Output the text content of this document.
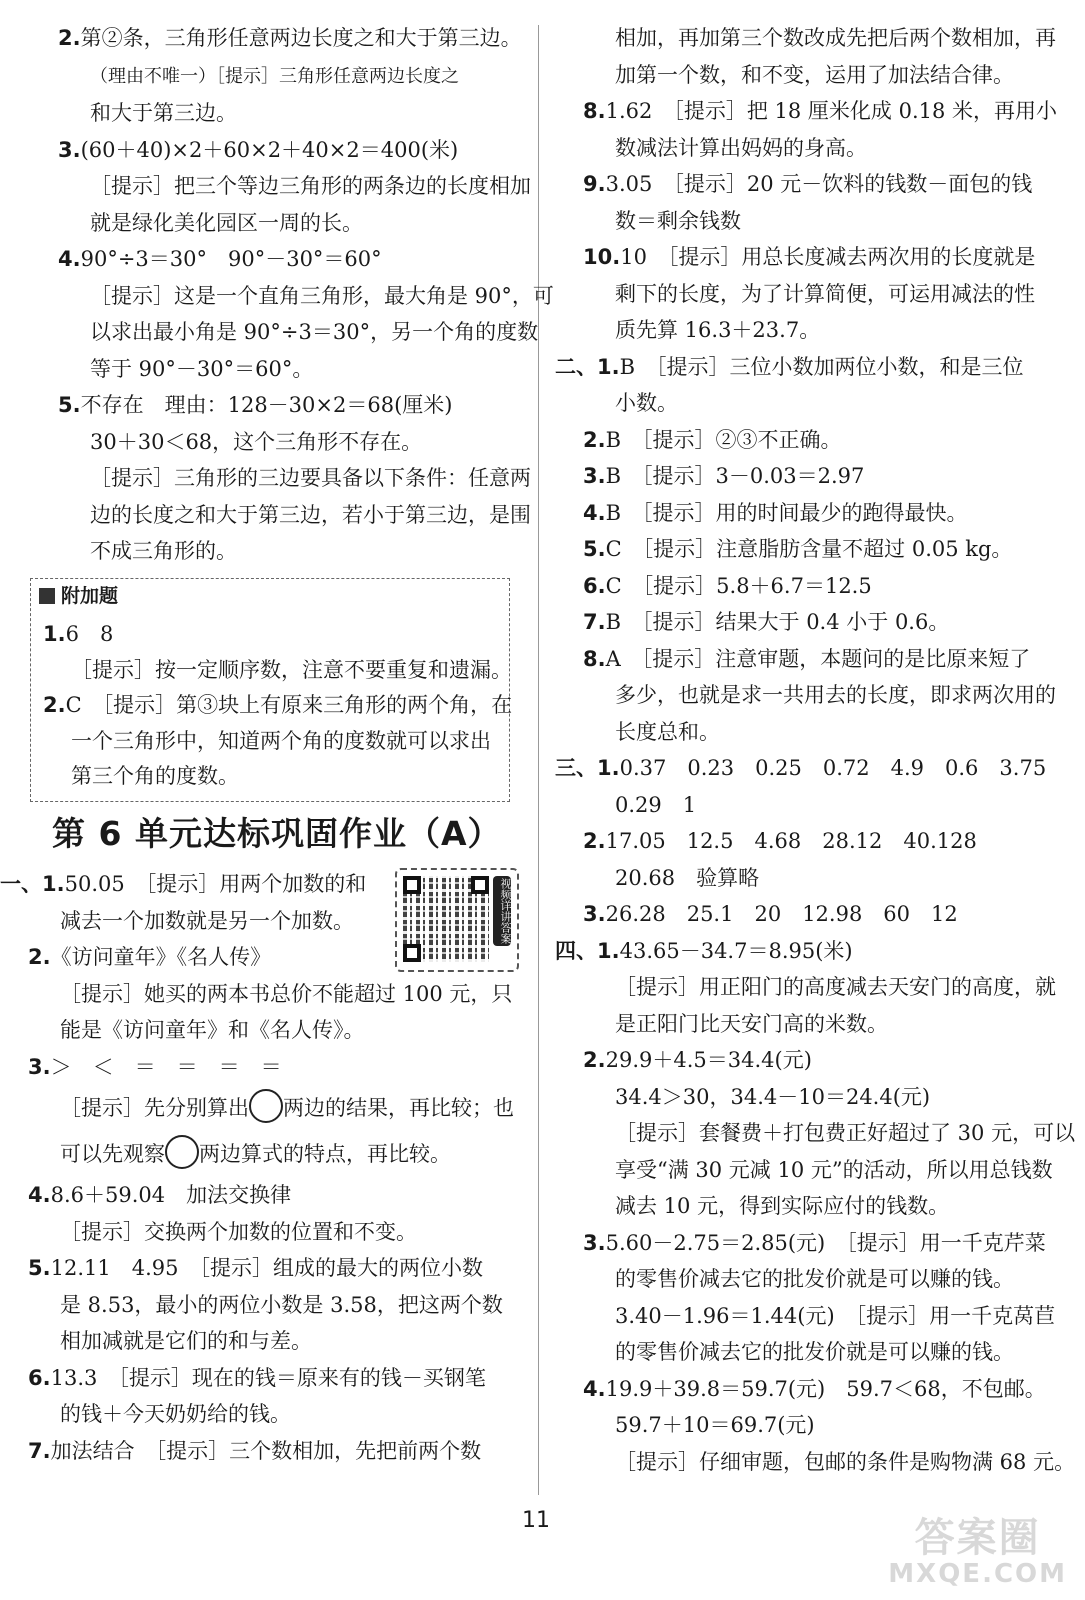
2.第②条，三角形任意两边长度之和大于第三边。
（理由不唯一）［提示］三角形任意两边长度之
和大于第三边。
3.(60＋40)×2＋60×2＋40×2＝400(米)
［提示］把三个等边三角形的两条边的长度相加
就是绿化美化园区一周的长。
4.90°÷3＝30°　90°－30°＝60°
［提示］这是一个直角三角形，最大角是 90°，可
以求出最小角是 90°÷3＝30°，另一个角的度数
等于 90°－30°＝60°。
5.不存在　理由：128－30×2＝68(厘米)
30＋30＜68，这个三角形不存在。
［提示］三角形的三边要具备以下条件：任意两
边的长度之和大于第三边，若小于第三边，是围
不成三角形的。
附加题
1.6　8
［提示］按一定顺序数，注意不要重复和遗漏。
2.C　［提示］第③块上有原来三角形的两个角，在
一个三角形中，知道两个角的度数就可以求出
第三个角的度数。
第 6 单元达标巩固作业（A）
视频详讲答案
一、1.50.05　［提示］用两个加数的和
减去一个加数就是另一个加数。
2.《访问童年》《名人传》
［提示］她买的两本书总价不能超过 100 元，只
能是《访问童年》和《名人传》。
3.＞　＜　＝　＝　＝　＝
［提示］先分别算出 两边的结果，再比较；也
可以先观察 两边算式的特点，再比较。
4.8.6＋59.04　加法交换律
［提示］交换两个加数的位置和不变。
5.12.11　4.95　［提示］组成的最大的两位小数
是 8.53，最小的两位小数是 3.58，把这两个数
相加减就是它们的和与差。
6.13.3　［提示］现在的钱＝原来有的钱－买钢笔
的钱＋今天奶奶给的钱。
7.加法结合　［提示］三个数相加，先把前两个数
相加，再加第三个数改成先把后两个数相加，再
加第一个数，和不变，运用了加法结合律。
8.1.62　［提示］把 18 厘米化成 0.18 米，再用小
数减法计算出妈妈的身高。
9.3.05　［提示］20 元－饮料的钱数－面包的钱
数＝剩余钱数
10.10　［提示］用总长度减去两次用的长度就是
剩下的长度，为了计算简便，可运用减法的性
质先算 16.3＋23.7。
二、1.B　［提示］三位小数加两位小数，和是三位
小数。
2.B　［提示］②③不正确。
3.B　［提示］3－0.03＝2.97
4.B　［提示］用的时间最少的跑得最快。
5.C　［提示］注意脂肪含量不超过 0.05 kg。
6.C　［提示］5.8＋6.7＝12.5
7.B　［提示］结果大于 0.4 小于 0.6。
8.A　［提示］注意审题，本题问的是比原来短了
多少，也就是求一共用去的长度，即求两次用的
长度总和。
三、1.0.37　0.23　0.25　0.72　4.9　0.6　3.75
0.29　1
2.17.05　12.5　4.68　28.12　40.128
20.68　验算略
3.26.28　25.1　20　12.98　60　12
四、1.43.65－34.7＝8.95(米)
［提示］用正阳门的高度减去天安门的高度，就
是正阳门比天安门高的米数。
2.29.9＋4.5＝34.4(元)
34.4＞30，34.4－10＝24.4(元)
［提示］套餐费＋打包费正好超过了 30 元，可以
享受“满 30 元减 10 元”的活动，所以用总钱数
减去 10 元，得到实际应付的钱数。
3.5.60－2.75＝2.85(元)　［提示］用一千克芹菜
的零售价减去它的批发价就是可以赚的钱。
3.40－1.96＝1.44(元)　［提示］用一千克莴苣
的零售价减去它的批发价就是可以赚的钱。
4.19.9＋39.8＝59.7(元)　59.7＜68，不包邮。
59.7＋10＝69.7(元)
［提示］仔细审题，包邮的条件是购物满 68 元。
11	答案圈
MXQE.COM
